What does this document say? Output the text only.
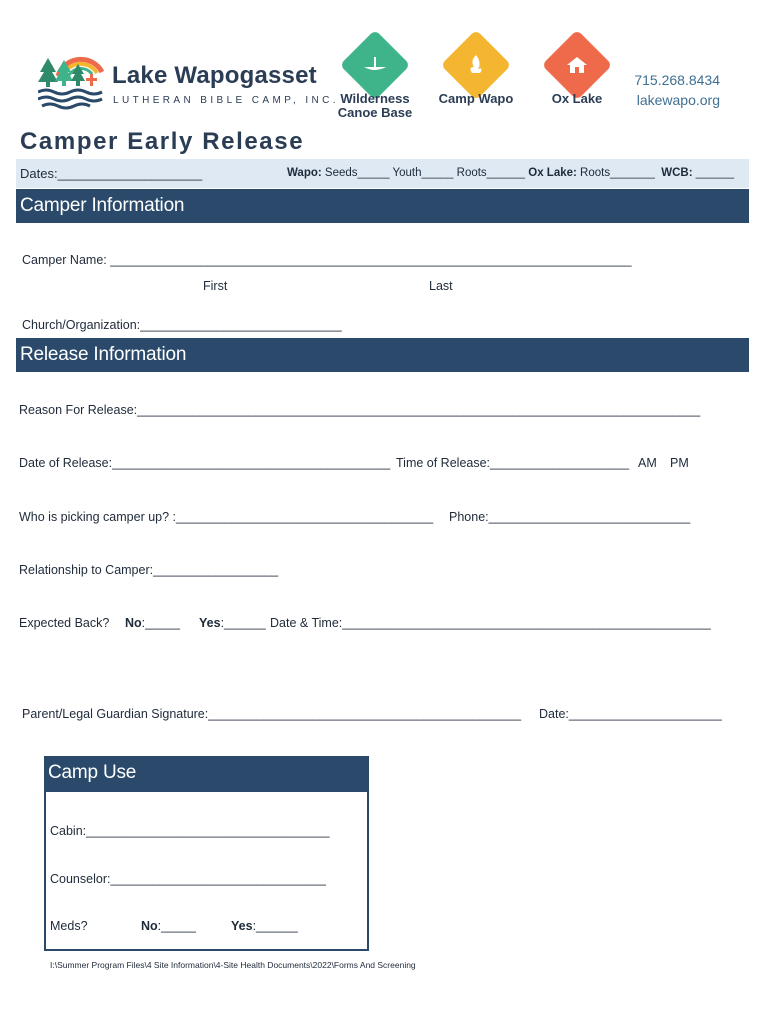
Lake Wapogasset
LUTHERAN BIBLE CAMP, INC. Wilderness Canoe Base
Camp Wapo	Ox Lake
715.268.8434
lakewapo.org
Camper Early Release
Dates:____________________	Wapo: Seeds_____ Youth_____ Roots______ Ox Lake: Roots_______ WCB: ______
Camper Information
Camper Name: ___________________________________________________________________________
First	Last
Church/Organization:_____________________________
Release Information
Reason For Release:_________________________________________________________________________________
Date of Release:________________________________________ Time of Release:____________________ AM PM
Who is picking camper up? :_____________________________________ Phone:_____________________________
Relationship to Camper:__________________
Expected Back? No:_____ Yes:______ Date & Time:_____________________________________________________
Parent/Legal Guardian Signature:_____________________________________________ Date:______________________
Camp Use
Cabin:___________________________________
Counselor:_______________________________
Meds?	No:_____	Yes:______
I:\Summer Program Files\4 Site Information\4-Site Health Documents\2022\Forms And Screening
